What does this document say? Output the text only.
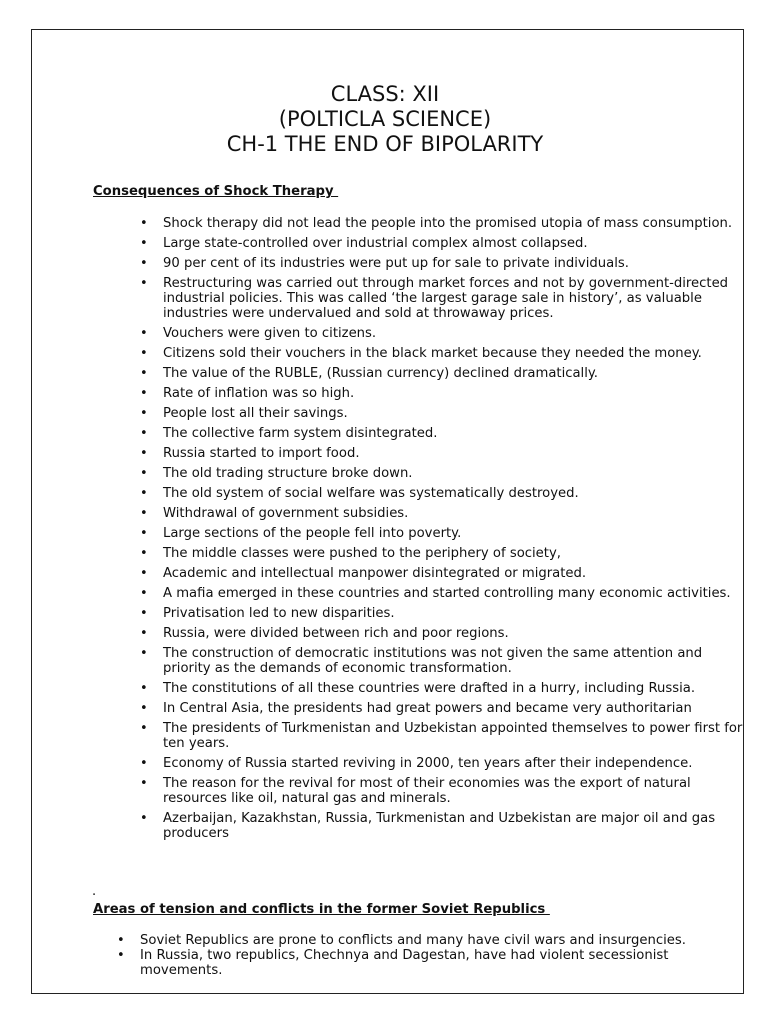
CLASS: XII
(POLTICLA SCIENCE)
CH-1 THE END OF BIPOLARITY

Consequences of Shock Therapy

• Shock therapy did not lead the people into the promised utopia of mass consumption.
• Large state-controlled over industrial complex almost collapsed.
• 90 per cent of its industries were put up for sale to private individuals.
• Restructuring was carried out through market forces and not by government-directed industrial policies. This was called ‘the largest garage sale in history’, as valuable industries were undervalued and sold at throwaway prices.
• Vouchers were given to citizens.
• Citizens sold their vouchers in the black market because they needed the money.
• The value of the RUBLE, (Russian currency) declined dramatically.
• Rate of inflation was so high.
• People lost all their savings.
• The collective farm system disintegrated.
• Russia started to import food.
• The old trading structure broke down.
• The old system of social welfare was systematically destroyed.
• Withdrawal of government subsidies.
• Large sections of the people fell into poverty.
• The middle classes were pushed to the periphery of society,
• Academic and intellectual manpower disintegrated or migrated.
• A mafia emerged in these countries and started controlling many economic activities.
• Privatisation led to new disparities.
• Russia, were divided between rich and poor regions.
• The construction of democratic institutions was not given the same attention and priority as the demands of economic transformation.
• The constitutions of all these countries were drafted in a hurry, including Russia.
• In Central Asia, the presidents had great powers and became very authoritarian
• The presidents of Turkmenistan and Uzbekistan appointed themselves to power first for ten years.
• Economy of Russia started reviving in 2000, ten years after their independence.
• The reason for the revival for most of their economies was the export of natural resources like oil, natural gas and minerals.
• Azerbaijan, Kazakhstan, Russia, Turkmenistan and Uzbekistan are major oil and gas producers

.

Areas of tension and conflicts in the former Soviet Republics

• Soviet Republics are prone to conflicts and many have civil wars and insurgencies.
• In Russia, two republics, Chechnya and Dagestan, have had violent secessionist movements.
